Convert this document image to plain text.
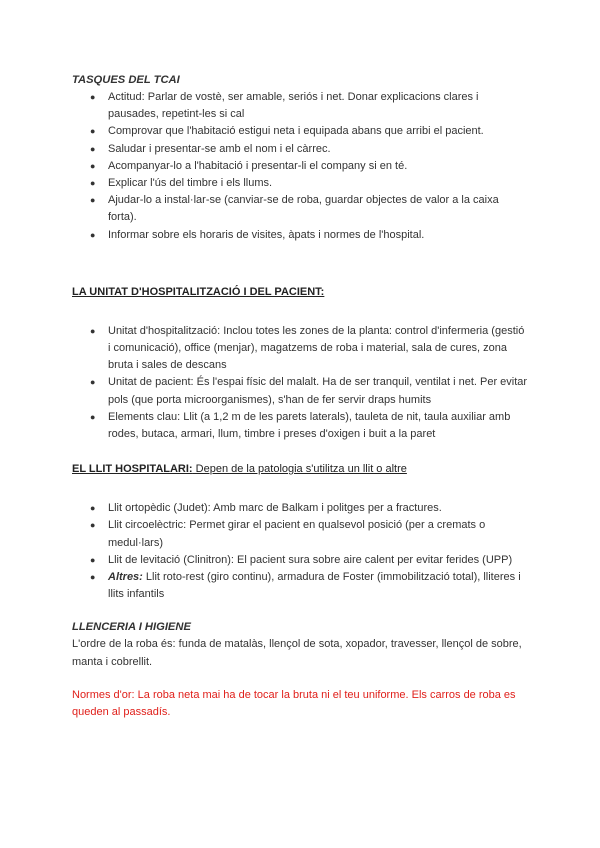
TASQUES DEL TCAI
● Actitud: Parlar de vostè, ser amable, seriós i net. Donar explicacions clares i pausades, repetint-les si cal
● Comprovar que l'habitació estigui neta i equipada abans que arribi el pacient.
● Saludar i presentar-se amb el nom i el càrrec.
● Acompanyar-lo a l'habitació i presentar-li el company si en té.
● Explicar l'ús del timbre i els llums.
● Ajudar-lo a instal·lar-se (canviar-se de roba, guardar objectes de valor a la caixa forta).
● Informar sobre els horaris de visites, àpats i normes de l'hospital.
LA UNITAT D'HOSPITALITZACIÓ I DEL PACIENT:
● Unitat d'hospitalització: Inclou totes les zones de la planta: control d'infermeria (gestió i comunicació), office (menjar), magatzems de roba i material, sala de cures, zona bruta i sales de descans
● Unitat de pacient: És l'espai físic del malalt. Ha de ser tranquil, ventilat i net. Per evitar pols (que porta microorganismes), s'han de fer servir draps humits
● Elements clau: Llit (a 1,2 m de les parets laterals), tauleta de nit, taula auxiliar amb rodes, butaca, armari, llum, timbre i preses d'oxigen i buit a la paret
EL LLIT HOSPITALARI: Depen de la patologia s'utilitza un llit o altre
● Llit ortopèdic (Judet): Amb marc de Balkam i politges per a fractures.
● Llit circoelèctric: Permet girar el pacient en qualsevol posició (per a cremats o medul·lars)
● Llit de levitació (Clinitron): El pacient sura sobre aire calent per evitar ferides (UPP)
● Altres: Llit roto-rest (giro continu), armadura de Foster (immobilització total), lliteres i llits infantils
LLENCERIA I HIGIENE

L'ordre de la roba és: funda de matalàs, llençol de sota, xopador, travesser, llençol de sobre, manta i cobrellit.

Normes d'or: La roba neta mai ha de tocar la bruta ni el teu uniforme. Els carros de roba es queden al passadís.
